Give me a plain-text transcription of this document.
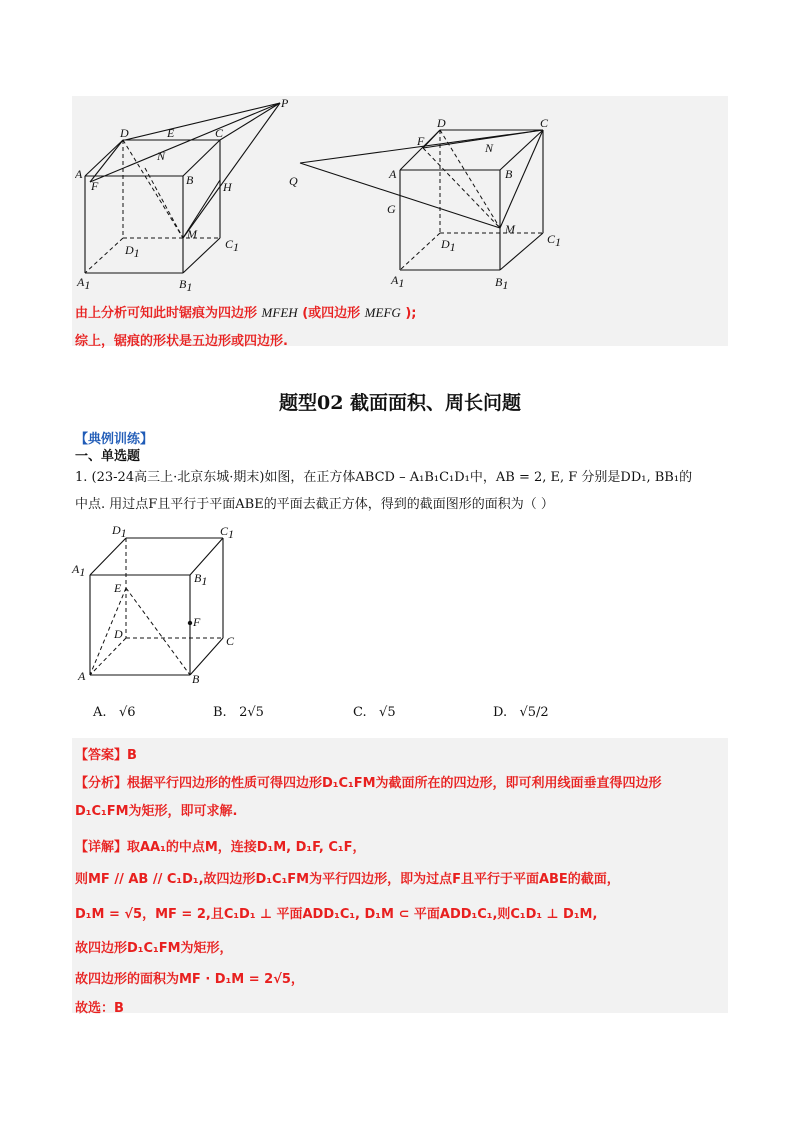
P
D	E	C
N
A
F	B H
M
D1
C1
A1	B1
D	C
F	N
Q	A	B
G
M
D1
C1
A1	B1
由上分析可知此时锯痕为四边形 MFEH (或四边形 MEFG );
综上，锯痕的形状是五边形或四边形.
题型02 截面面积、周长问题
【典例训练】
一、单选题
1. (23-24高三上·北京东城·期末)如图，在正方体ABCD – A₁B₁C₁D₁中，AB = 2, E, F 分别是DD₁, BB₁的
中点. 用过点F且平行于平面ABE的平面去截正方体，得到的截面图形的面积为（ ）
D1	C1
A1	B1
E
F
D	C
A	B
A. √6	B. 2√5	C. √5	D. √5/2
【答案】B
【分析】根据平行四边形的性质可得四边形D₁C₁FM为截面所在的四边形，即可利用线面垂直得四边形
D₁C₁FM为矩形，即可求解.
【详解】取AA₁的中点M，连接D₁M, D₁F, C₁F，
则MF // AB // C₁D₁,故四边形D₁C₁FM为平行四边形，即为过点F且平行于平面ABE的截面，
D₁M = √5，MF = 2,且C₁D₁ ⊥ 平面ADD₁C₁, D₁M ⊂ 平面ADD₁C₁,则C₁D₁ ⊥ D₁M,
故四边形D₁C₁FM为矩形，
故四边形的面积为MF · D₁M = 2√5，
故选：B
